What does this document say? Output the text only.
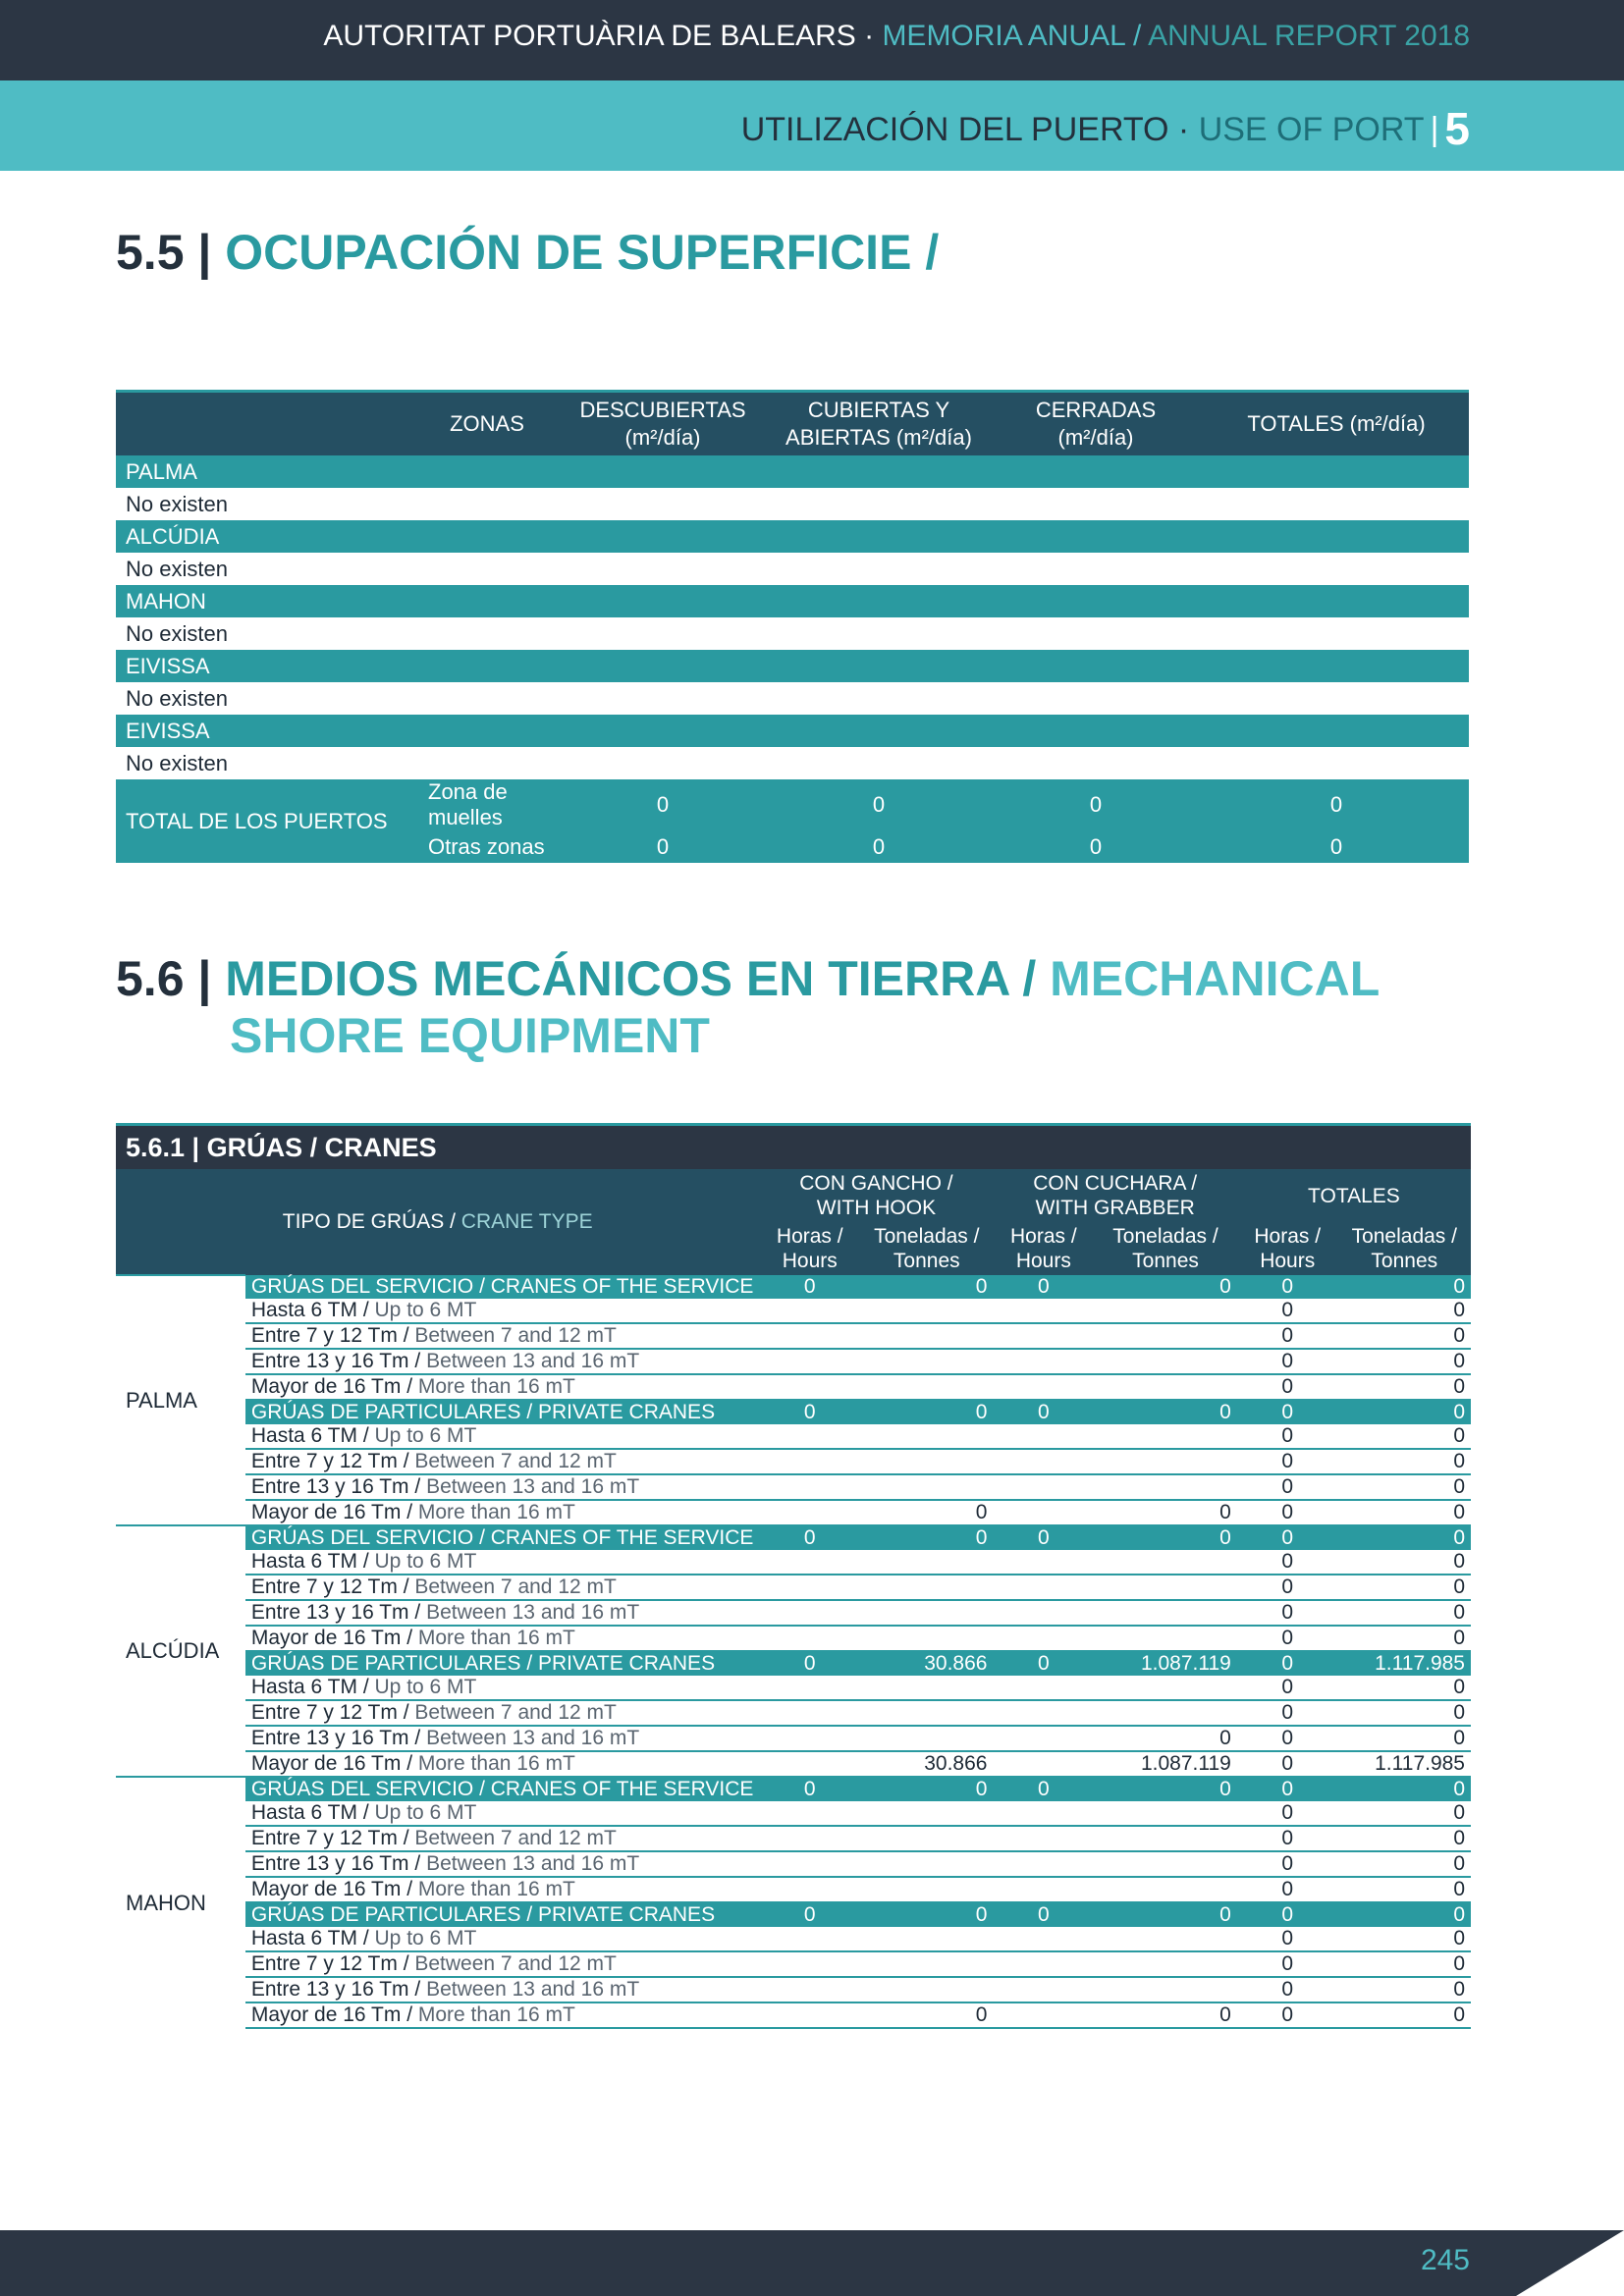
AUTORITAT PORTUÀRIA DE BALEARS · MEMORIA ANUAL / ANNUAL REPORT 2018
UTILIZACIÓN DEL PUERTO · USE OF PORT | 5
5.5 | OCUPACIÓN DE SUPERFICIE /
	ZONAS	DESCUBIERTAS (m²/día)	CUBIERTAS Y ABIERTAS (m²/día)	CERRADAS (m²/día)	TOTALES (m²/día)
PALMA					
No existen					
ALCÚDIA					
No existen					
MAHON					
No existen					
EIVISSA					
No existen					
EIVISSA					
No existen					
TOTAL DE LOS PUERTOS	Zona de muelles	0	0	0	0
	Otras zonas	0	0	0	0
5.6 | MEDIOS MECÁNICOS EN TIERRA / MECHANICAL
SHORE EQUIPMENT
5.6.1 | GRÚAS / CRANES							
TIPO DE GRÚAS / CRANE TYPE		CON GANCHO / WITH HOOK		CON CUCHARA / WITH GRABBER		TOTALES	

		Horas / Hours	Toneladas / Tonnes	Horas / Hours	Toneladas / Tonnes	Horas / Hours	Toneladas / Tonnes

PALMA	GRÚAS DEL SERVICIO / CRANES OF THE SERVICE	0	0	0	0	0	0
	Hasta 6 TM / Up to 6 MT					0	0
	Entre 7 y 12 Tm / Between 7 and 12 mT					0	0
	Entre 13 y 16 Tm / Between 13 and 16 mT					0	0
	Mayor de 16 Tm / More than 16 mT					0	0
	GRÚAS DE PARTICULARES / PRIVATE CRANES	0	0	0	0	0	0
	Hasta 6 TM / Up to 6 MT					0	0
	Entre 7 y 12 Tm / Between 7 and 12 mT					0	0
	Entre 13 y 16 Tm / Between 13 and 16 mT					0	0
	Mayor de 16 Tm / More than 16 mT		0		0	0	0
ALCÚDIA	GRÚAS DEL SERVICIO / CRANES OF THE SERVICE	0	0	0	0	0	0
	Hasta 6 TM / Up to 6 MT					0	0
	Entre 7 y 12 Tm / Between 7 and 12 mT					0	0
	Entre 13 y 16 Tm / Between 13 and 16 mT					0	0
	Mayor de 16 Tm / More than 16 mT					0	0
	GRÚAS DE PARTICULARES / PRIVATE CRANES	0	30.866	0	1.087.119	0	1.117.985
	Hasta 6 TM / Up to 6 MT					0	0
	Entre 7 y 12 Tm / Between 7 and 12 mT					0	0
	Entre 13 y 16 Tm / Between 13 and 16 mT				0	0	0
	Mayor de 16 Tm / More than 16 mT		30.866		1.087.119	0	1.117.985
MAHON	GRÚAS DEL SERVICIO / CRANES OF THE SERVICE	0	0	0	0	0	0
	Hasta 6 TM / Up to 6 MT					0	0
	Entre 7 y 12 Tm / Between 7 and 12 mT					0	0
	Entre 13 y 16 Tm / Between 13 and 16 mT					0	0
	Mayor de 16 Tm / More than 16 mT					0	0
	GRÚAS DE PARTICULARES / PRIVATE CRANES	0	0	0	0	0	0
	Hasta 6 TM / Up to 6 MT					0	0
	Entre 7 y 12 Tm / Between 7 and 12 mT					0	0
	Entre 13 y 16 Tm / Between 13 and 16 mT					0	0
	Mayor de 16 Tm / More than 16 mT		0		0	0	0
245
